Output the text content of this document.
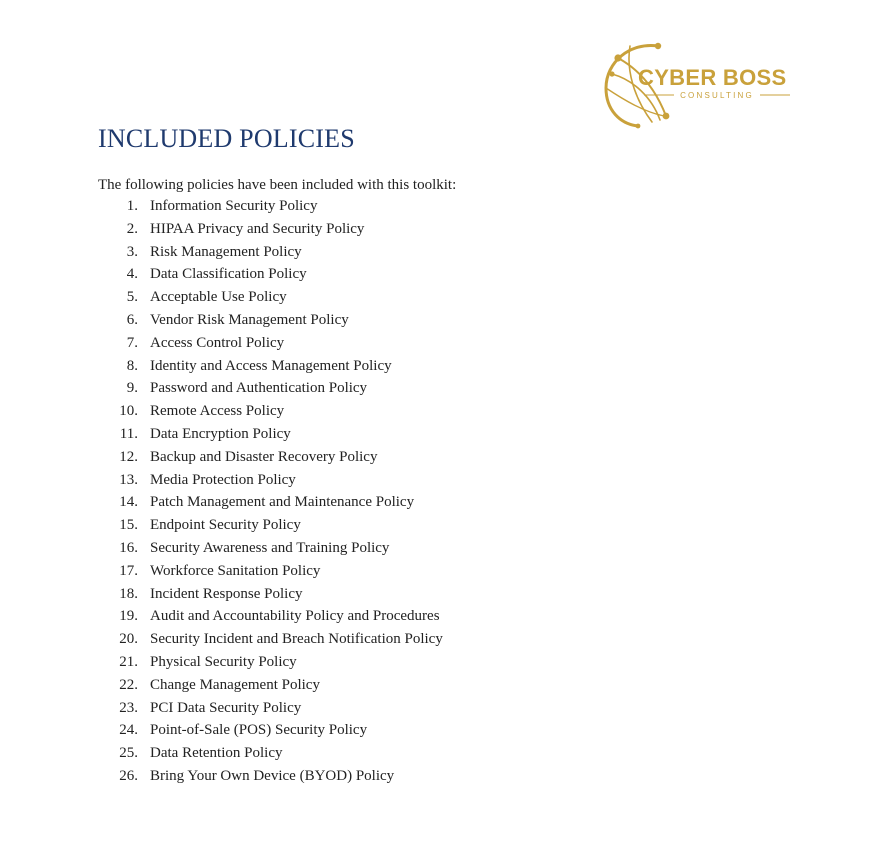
CYBER BOSS
CONSULTING
INCLUDED POLICIES

The following policies have been included with this toolkit:

1. Information Security Policy
2. HIPAA Privacy and Security Policy
3. Risk Management Policy
4. Data Classification Policy
5. Acceptable Use Policy
6. Vendor Risk Management Policy
7. Access Control Policy
8. Identity and Access Management Policy
9. Password and Authentication Policy
10. Remote Access Policy
11. Data Encryption Policy
12. Backup and Disaster Recovery Policy
13. Media Protection Policy
14. Patch Management and Maintenance Policy
15. Endpoint Security Policy
16. Security Awareness and Training Policy
17. Workforce Sanitation Policy
18. Incident Response Policy
19. Audit and Accountability Policy and Procedures
20. Security Incident and Breach Notification Policy
21. Physical Security Policy
22. Change Management Policy
23. PCI Data Security Policy
24. Point-of-Sale (POS) Security Policy
25. Data Retention Policy
26. Bring Your Own Device (BYOD) Policy
